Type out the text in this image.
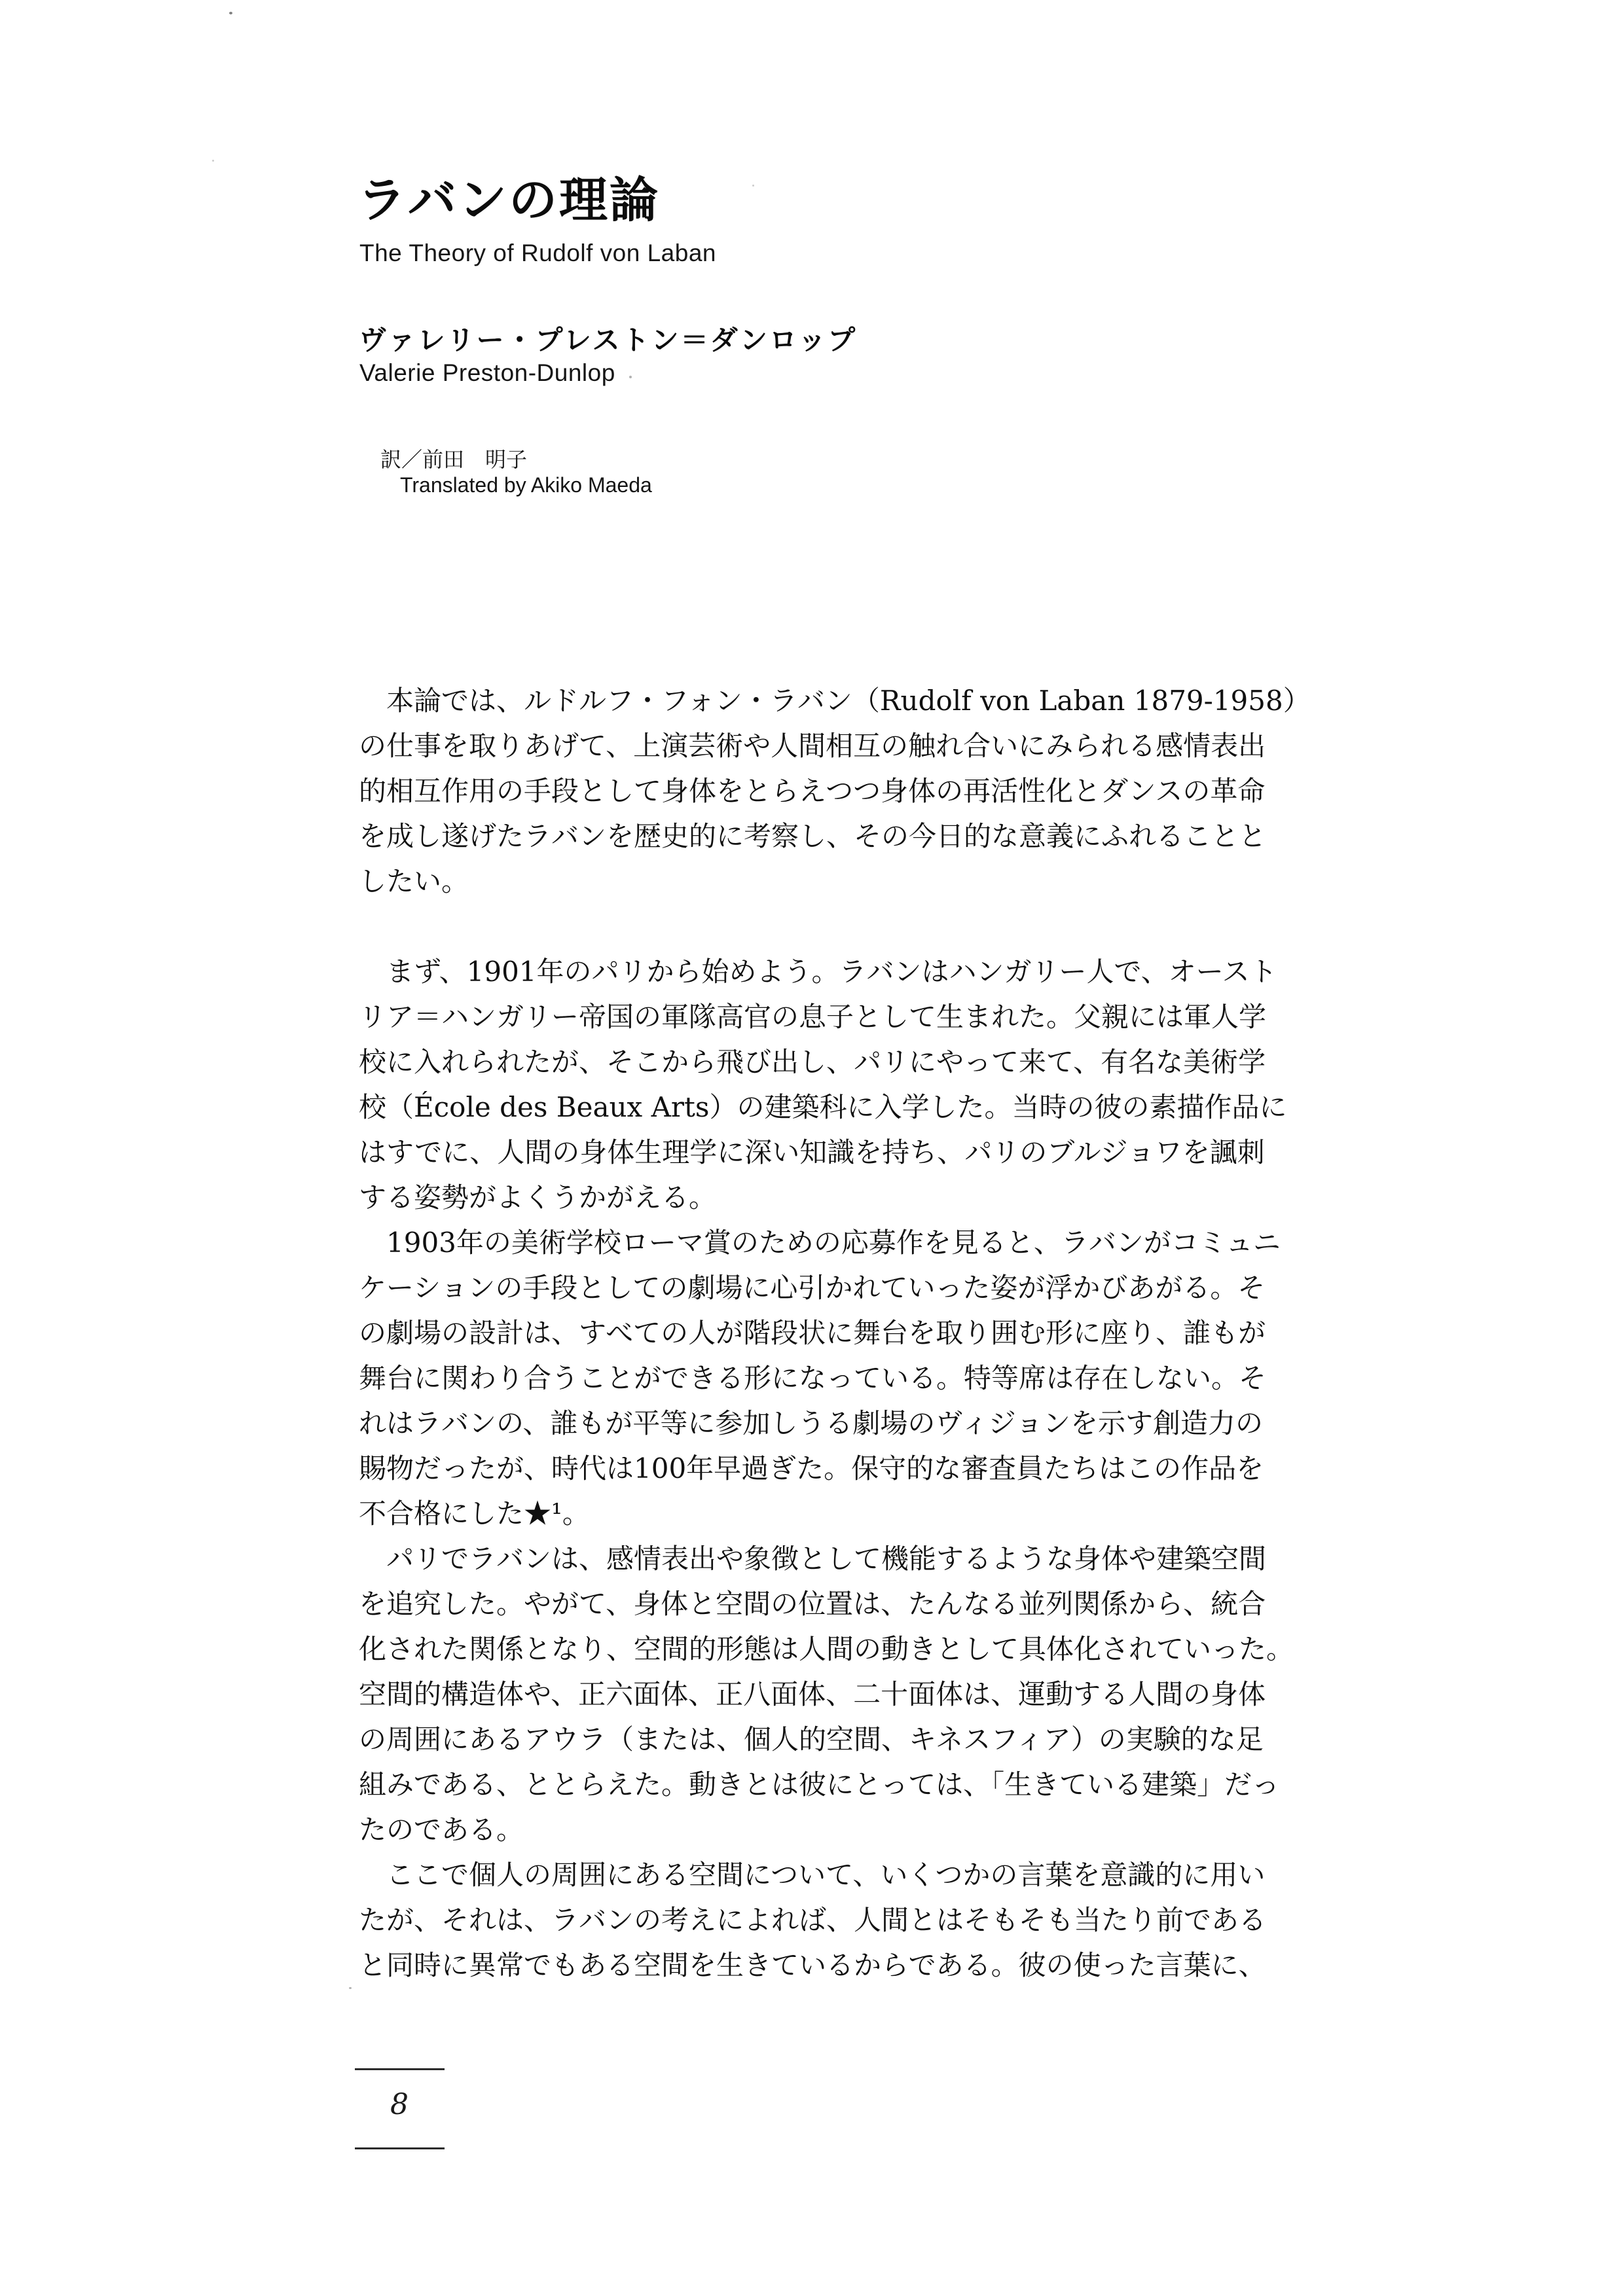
ラバンの理論
The Theory of Rudolf von Laban
ヴァレリー・プレストン＝ダンロップ
Valerie Preston-Dunlop

訳／前田　明子
Translated by Akiko Maeda

　本論では、ルドルフ・フォン・ラバン（Rudolf von Laban 1879-1958）
の仕事を取りあげて、上演芸術や人間相互の触れ合いにみられる感情表出
的相互作用の手段として身体をとらえつつ身体の再活性化とダンスの革命
を成し遂げたラバンを歴史的に考察し、その今日的な意義にふれることと
したい。
　まず、1901年のパリから始めよう。ラバンはハンガリー人で、オースト
リア＝ハンガリー帝国の軍隊高官の息子として生まれた。父親には軍人学
校に入れられたが、そこから飛び出し、パリにやって来て、有名な美術学
校（École des Beaux Arts）の建築科に入学した。当時の彼の素描作品に
はすでに、人間の身体生理学に深い知識を持ち、パリのブルジョワを諷刺
する姿勢がよくうかがえる。
　1903年の美術学校ローマ賞のための応募作を見ると、ラバンがコミュニ
ケーションの手段としての劇場に心引かれていった姿が浮かびあがる。そ
の劇場の設計は、すべての人が階段状に舞台を取り囲む形に座り、誰もが
舞台に関わり合うことができる形になっている。特等席は存在しない。そ
れはラバンの、誰もが平等に参加しうる劇場のヴィジョンを示す創造力の
賜物だったが、時代は100年早過ぎた。保守的な審査員たちはこの作品を
不合格にした★¹。
　パリでラバンは、感情表出や象徴として機能するような身体や建築空間
を追究した。やがて、身体と空間の位置は、たんなる並列関係から、統合
化された関係となり、空間的形態は人間の動きとして具体化されていった。
空間的構造体や、正六面体、正八面体、二十面体は、運動する人間の身体
の周囲にあるアウラ（または、個人的空間、キネスフィア）の実験的な足
組みである、ととらえた。動きとは彼にとっては、「生きている建築」だっ
たのである。
　ここで個人の周囲にある空間について、いくつかの言葉を意識的に用い
たが、それは、ラバンの考えによれば、人間とはそもそも当たり前である
と同時に異常でもある空間を生きているからである。彼の使った言葉に、
8
